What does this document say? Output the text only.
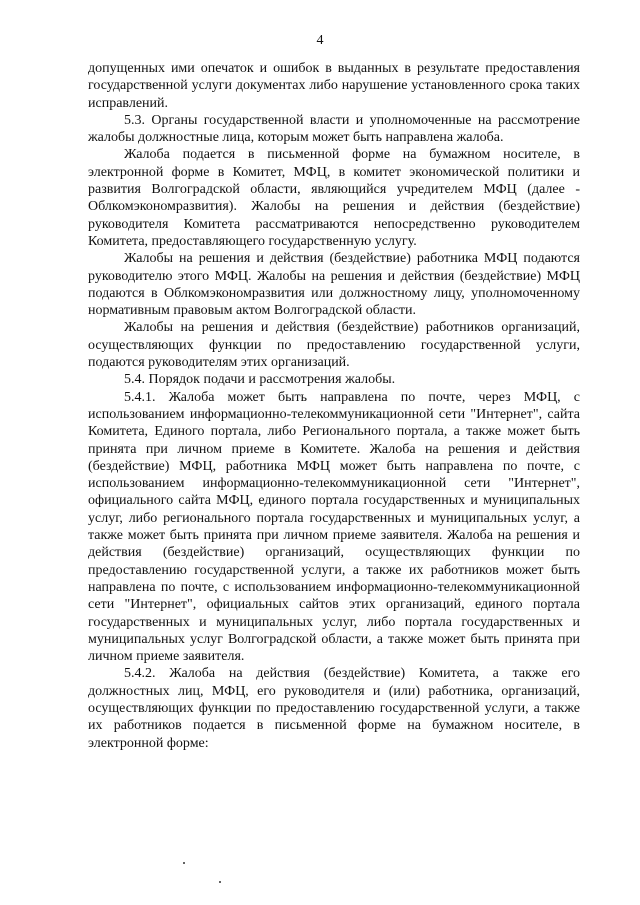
4

допущенных ими опечаток и ошибок в выданных в результате предоставления государственной услуги документах либо нарушение установленного срока таких исправлений.

5.3. Органы государственной власти и уполномоченные на рассмотрение жалобы должностные лица, которым может быть направлена жалоба.

Жалоба подается в письменной форме на бумажном носителе, в электронной форме в Комитет, МФЦ, в комитет экономической политики и развития Волгоградской области, являющийся учредителем МФЦ (далее - Облкомэкономразвития). Жалобы на решения и действия (бездействие) руководителя Комитета рассматриваются непосредственно руководителем Комитета, предоставляющего государственную услугу.

Жалобы на решения и действия (бездействие) работника МФЦ подаются руководителю этого МФЦ. Жалобы на решения и действия (бездействие) МФЦ подаются в Облкомэкономразвития или должностному лицу, уполномоченному нормативным правовым актом Волгоградской области.

Жалобы на решения и действия (бездействие) работников организаций, осуществляющих функции по предоставлению государственной услуги, подаются руководителям этих организаций.

5.4. Порядок подачи и рассмотрения жалобы.

5.4.1. Жалоба может быть направлена по почте, через МФЦ, с использованием информационно-телекоммуникационной сети "Интернет", сайта Комитета, Единого портала, либо Регионального портала, а также может быть принята при личном приеме в Комитете. Жалоба на решения и действия (бездействие) МФЦ, работника МФЦ может быть направлена по почте, с использованием информационно-телекоммуникационной сети "Интернет", официального сайта МФЦ, единого портала государственных и муниципальных услуг, либо регионального портала государственных и муниципальных услуг, а также может быть принята при личном приеме заявителя. Жалоба на решения и действия (бездействие) организаций, осуществляющих функции по предоставлению государственной услуги, а также их работников может быть направлена по почте, с использованием информационно-телекоммуникационной сети "Интернет", официальных сайтов этих организаций, единого портала государственных и муниципальных услуг, либо портала государственных и муниципальных услуг Волгоградской области, а также может быть принята при личном приеме заявителя.

5.4.2. Жалоба на действия (бездействие) Комитета, а также его должностных лиц, МФЦ, его руководителя и (или) работника, организаций, осуществляющих функции по предоставлению государственной услуги, а также их работников подается в письменной форме на бумажном носителе, в электронной форме:
